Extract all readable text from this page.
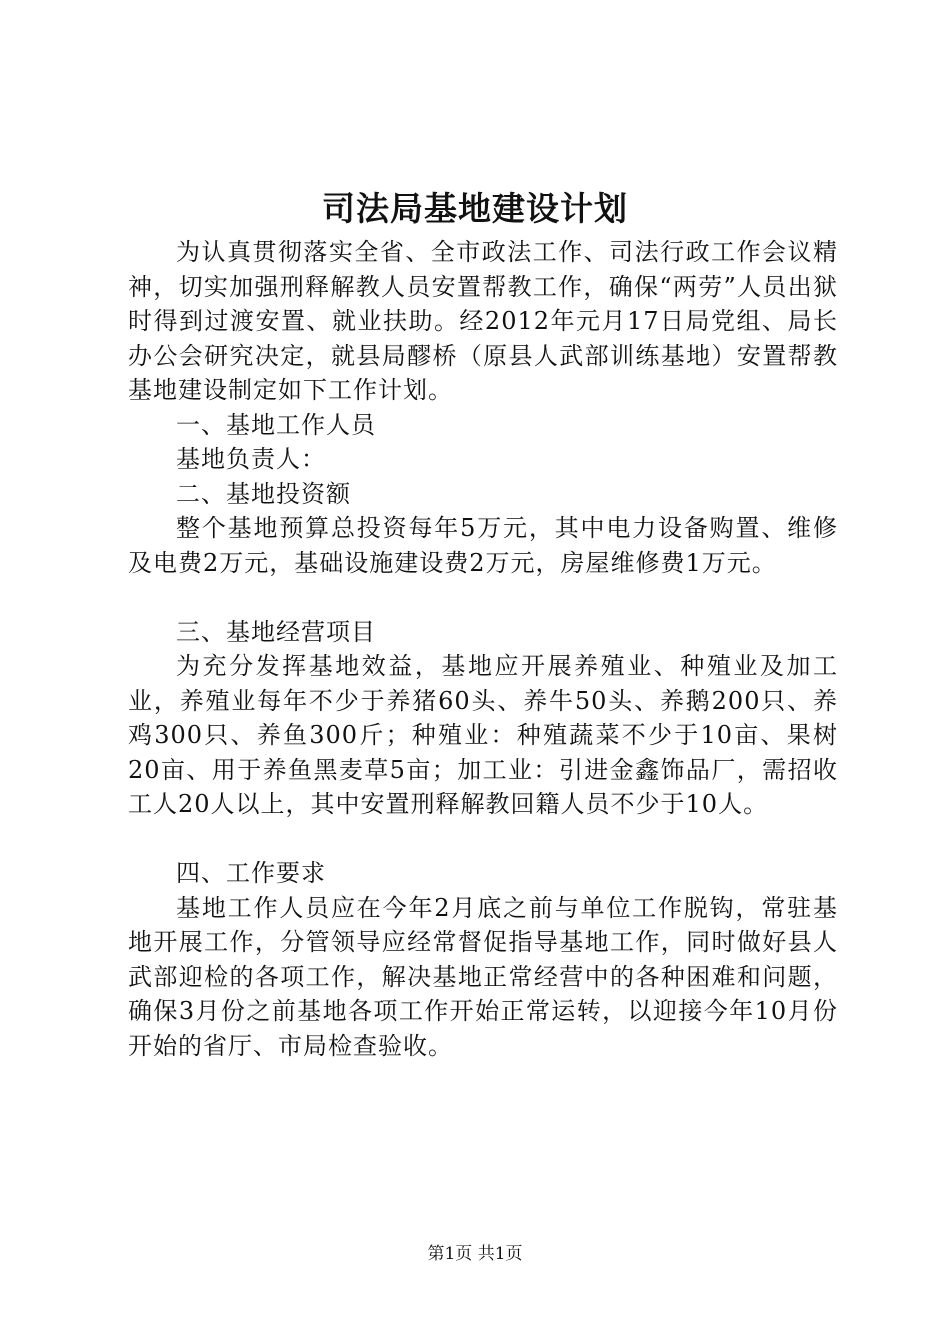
司法局基地建设计划

为认真贯彻落实全省、全市政法工作、司法行政工作会议精神，切实加强刑释解教人员安置帮教工作，确保“两劳”人员出狱时得到过渡安置、就业扶助。经2012年元月17日局党组、局长办公会研究决定，就县局醪桥（原县人武部训练基地）安置帮教基地建设制定如下工作计划。

一、基地工作人员

基地负责人：

二、基地投资额

整个基地预算总投资每年5万元，其中电力设备购置、维修及电费2万元，基础设施建设费2万元，房屋维修费1万元。

三、基地经营项目

为充分发挥基地效益，基地应开展养殖业、种殖业及加工业，养殖业每年不少于养猪60头、养牛50头、养鹅200只、养鸡300只、养鱼300斤；种殖业：种殖蔬菜不少于10亩、果树20亩、用于养鱼黑麦草5亩；加工业：引进金鑫饰品厂，需招收工人20人以上，其中安置刑释解教回籍人员不少于10人。

四、工作要求

基地工作人员应在今年2月底之前与单位工作脱钩，常驻基地开展工作，分管领导应经常督促指导基地工作，同时做好县人武部迎检的各项工作，解决基地正常经营中的各种困难和问题，确保3月份之前基地各项工作开始正常运转，以迎接今年10月份开始的省厅、市局检查验收。

第1页 共1页
